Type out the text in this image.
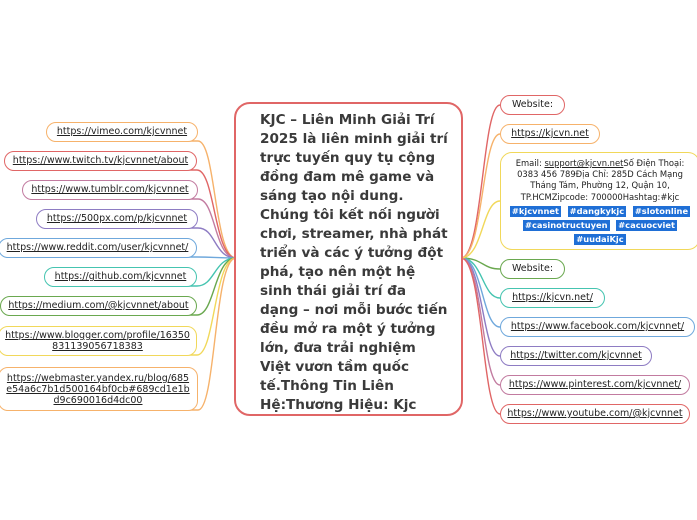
KJC – Liên Minh Giải Trí 2025 là liên minh giải trí trực tuyến quy tụ cộng đồng đam mê game và sáng tạo nội dung. Chúng tôi kết nối người chơi, streamer, nhà phát triển và các ý tưởng đột phá, tạo nên một hệ sinh thái giải trí đa dạng – nơi mỗi bước tiến đều mở ra một ý tưởng lớn, đưa trải nghiệm Việt vươn tầm quốc tế.Thông Tin Liên Hệ:Thương Hiệu: Kjc
https://vimeo.com/kjcvnnet
https://www.twitch.tv/kjcvnnet/about
https://www.tumblr.com/kjcvnnet
https://500px.com/p/kjcvnnet
https://www.reddit.com/user/kjcvnnet/
https://github.com/kjcvnnet
https://medium.com/@kjcvnnet/about
https://www.blogger.com/profile/16350831139056718383
https://webmaster.yandex.ru/blog/685e54a6c7b1d500164bf0cb#689cd1e1bd9c690016d4dc00
Website:
https://kjcvn.net
Email: support@kjcvn.netSố Điện Thoại: 0383 456 789Địa Chỉ: 285D Cách Mạng Tháng Tám, Phường 12, Quận 10, TP.HCMZipcode: 700000Hashtag:#kjc
#kjcvnnet #dangkykjc #slotonline #casinotructuyen #cacuocviet #uudaiKjc
Website:
https://kjcvn.net/
https://www.facebook.com/kjcvnnet/
https://twitter.com/kjcvnnet
https://www.pinterest.com/kjcvnnet/
https://www.youtube.com/@kjcvnnet
